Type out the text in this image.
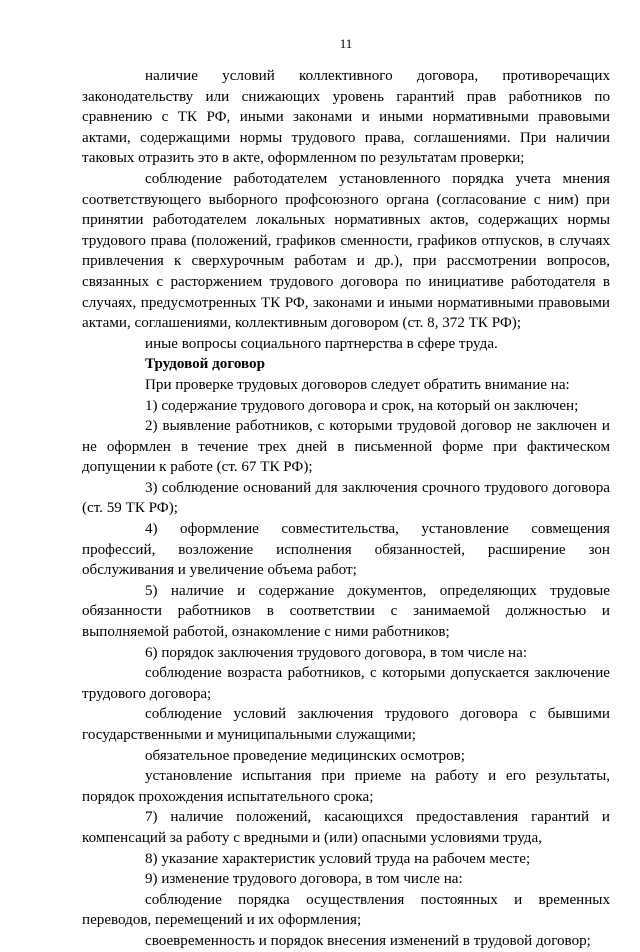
11

наличие условий коллективного договора, противоречащих законодательству или снижающих уровень гарантий прав работников по сравнению с ТК РФ, иными законами и иными нормативными правовыми актами, содержащими нормы трудового права, соглашениями. При наличии таковых отразить это в акте, оформленном по результатам проверки;

соблюдение работодателем установленного порядка учета мнения соответствующего выборного профсоюзного органа (согласование с ним) при принятии работодателем локальных нормативных актов, содержащих нормы трудового права (положений, графиков сменности, графиков отпусков, в случаях привлечения к сверхурочным работам и др.), при рассмотрении вопросов, связанных с расторжением трудового договора по инициативе работодателя в случаях, предусмотренных ТК РФ, законами и иными нормативными правовыми актами, соглашениями, коллективным договором (ст. 8, 372 ТК РФ);

иные вопросы социального партнерства в сфере труда.

Трудовой договор

При проверке трудовых договоров следует обратить внимание на:

1) содержание трудового договора и срок, на который он заключен;

2) выявление работников, с которыми трудовой договор не заключен и не оформлен в течение трех дней в письменной форме при фактическом допущении к работе (ст. 67 ТК РФ);

3) соблюдение оснований для заключения срочного трудового договора (ст. 59 ТК РФ);

4) оформление совместительства, установление совмещения профессий, возложение исполнения обязанностей, расширение зон обслуживания и увеличение объема работ;

5) наличие и содержание документов, определяющих трудовые обязанности работников в соответствии с занимаемой должностью и выполняемой работой, ознакомление с ними работников;

6) порядок заключения трудового договора, в том числе на:

соблюдение возраста работников, с которыми допускается заключение трудового договора;

соблюдение условий заключения трудового договора с бывшими государственными и муниципальными служащими;

обязательное проведение медицинских осмотров;

установление испытания при приеме на работу и его результаты, порядок прохождения испытательного срока;

7) наличие положений, касающихся предоставления гарантий и компенсаций за работу с вредными и (или) опасными условиями труда,

8) указание характеристик условий труда на рабочем месте;

9) изменение трудового договора, в том числе на:

соблюдение порядка осуществления постоянных и временных переводов, перемещений и их оформления;

своевременность и порядок внесения изменений в трудовой договор;
